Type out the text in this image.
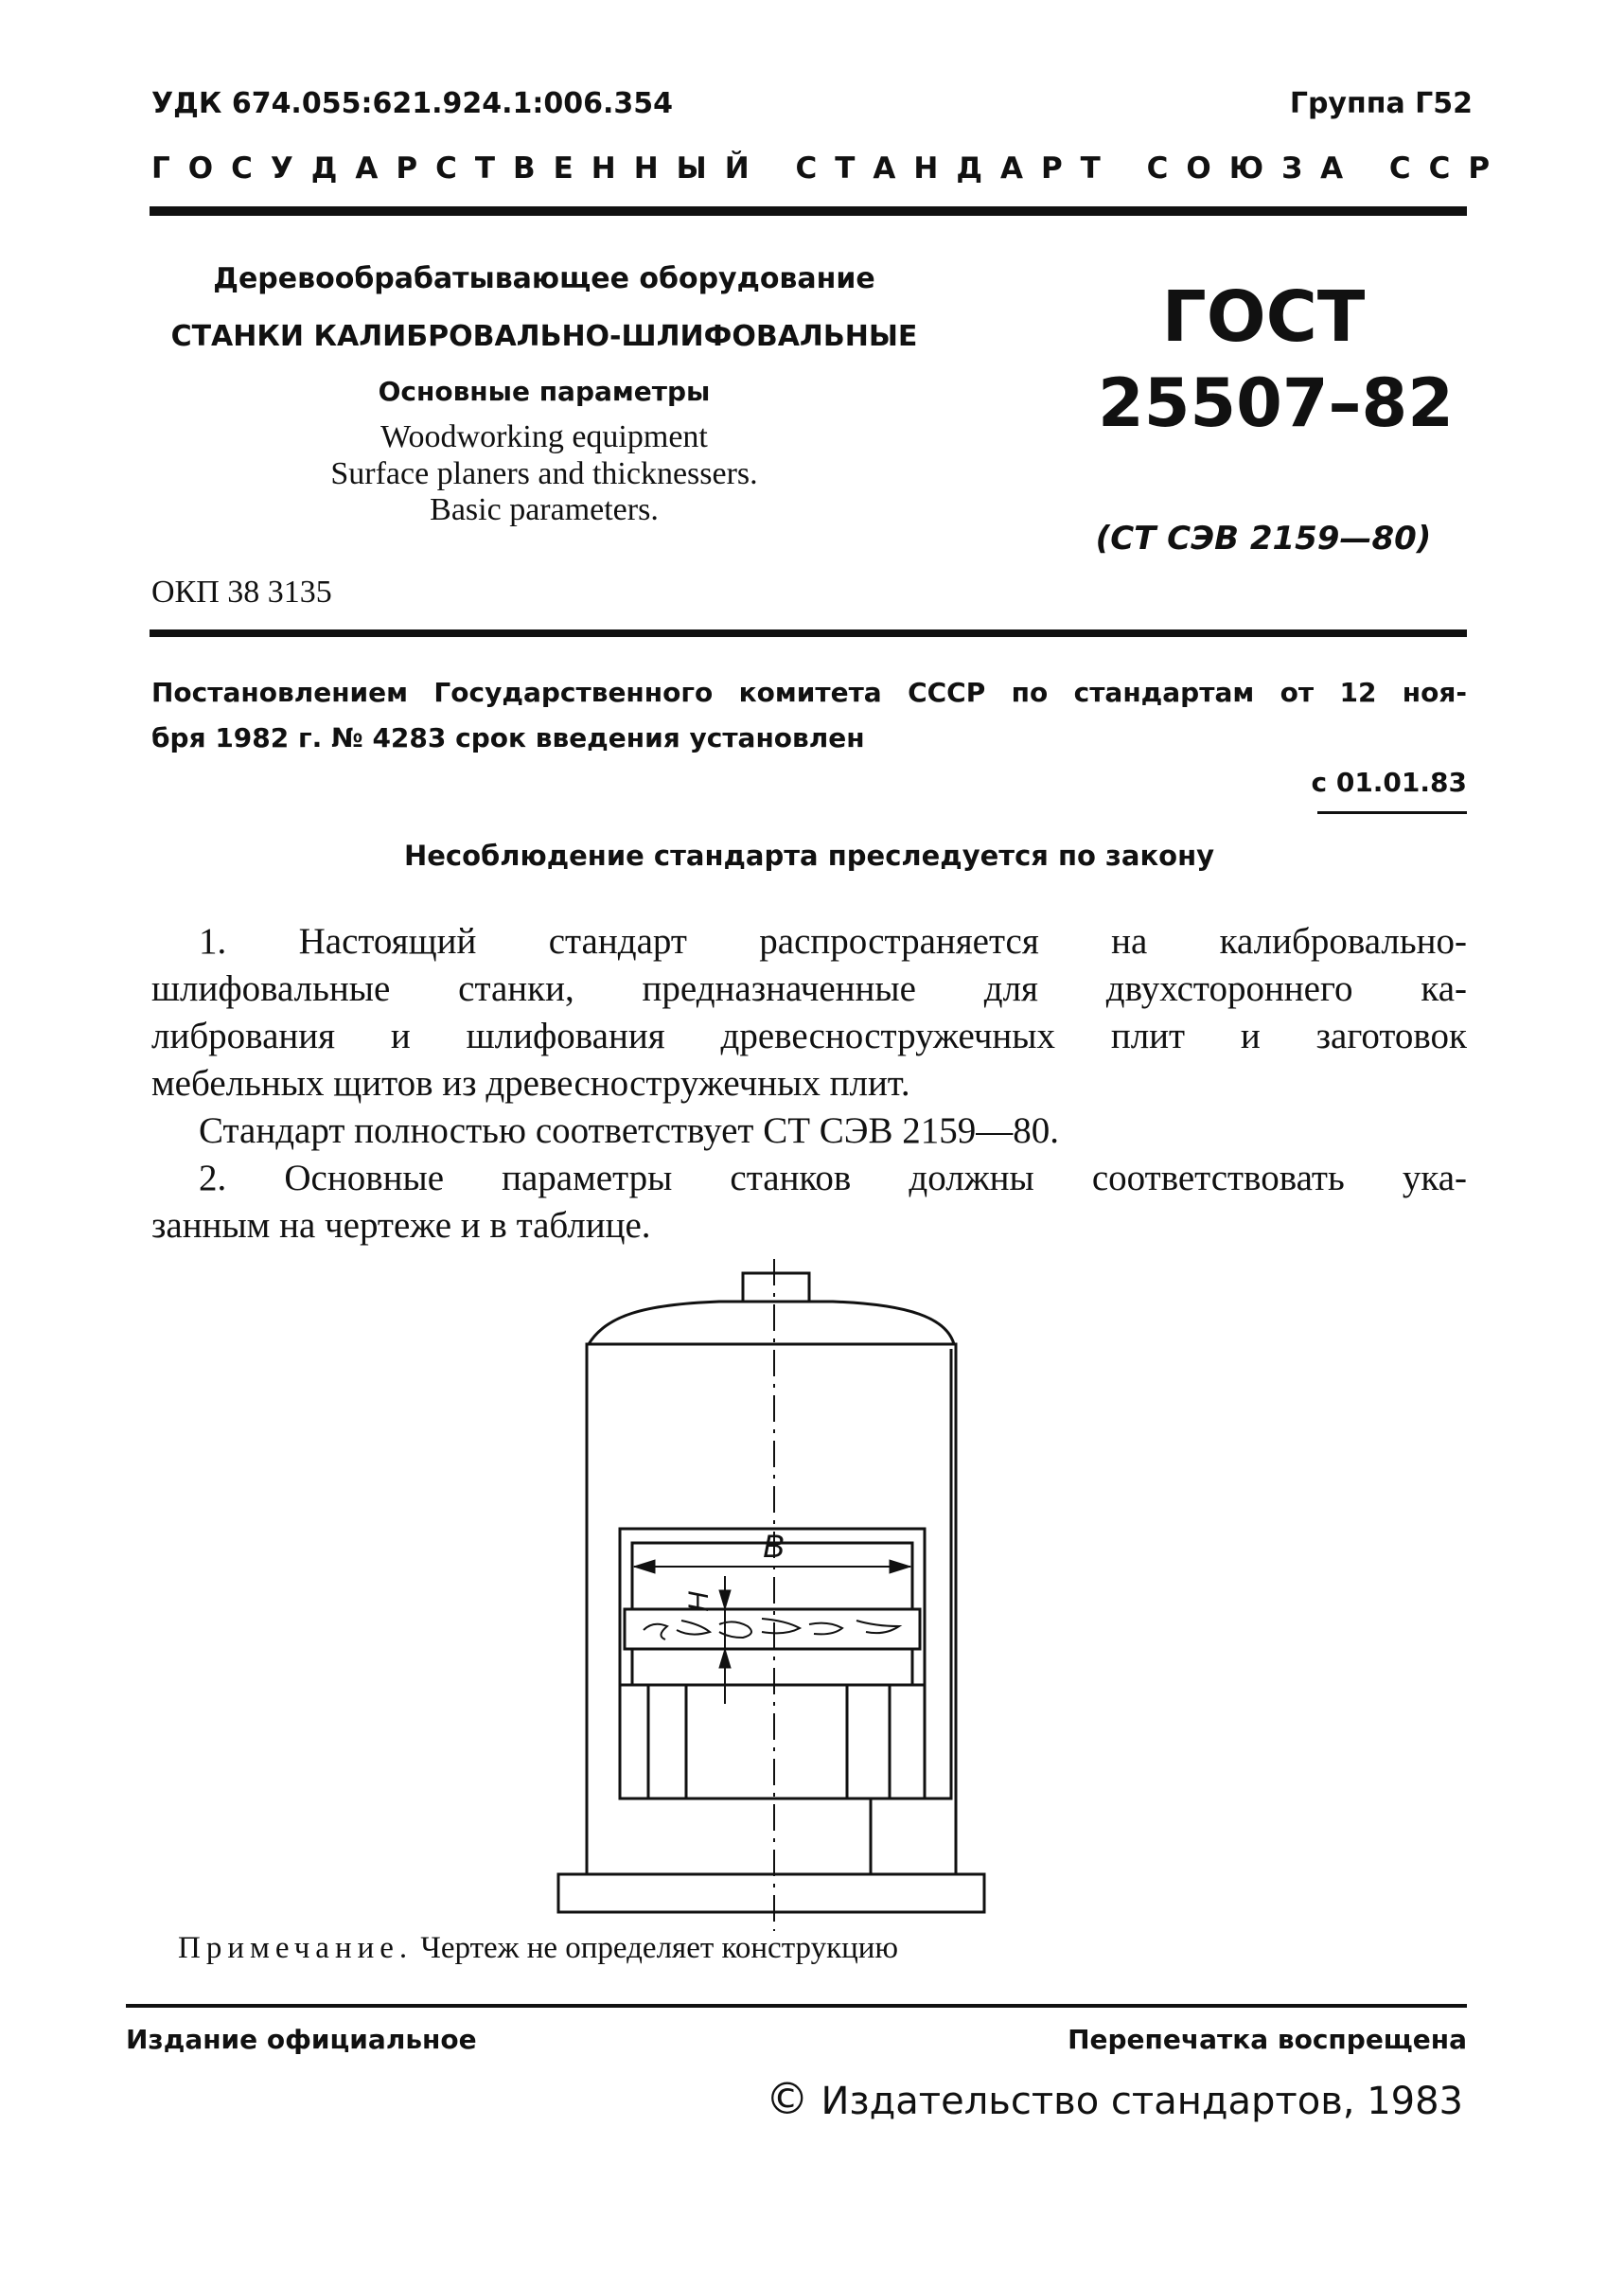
УДК 674.055:621.924.1:006.354	Группа Г52
ГОСУДАРСТВЕННЫЙ СТАНДАРТ СОЮЗА ССР
Деревообрабатывающее оборудование
СТАНКИ КАЛИБРОВАЛЬНО-ШЛИФОВАЛЬНЫЕ
Основные параметры
Woodworking equipment
Surface planers and thicknessers.
Basic parameters.
ГОСТ
25507–82
(СТ СЭВ 2159—80)
ОКП 38 3135
Постановлением Государственного комитета СССР по стандартам от 12 ноя-
бря 1982 г. № 4283 срок введения установлен
с 01.01.83
Несоблюдение стандарта преследуется по закону
1. Настоящий стандарт распространяется на калибровально-
шлифовальные станки, предназначенные для двухстороннего ка-
либрования и шлифования древесностружечных плит и заготовок
мебельных щитов из древесностружечных плит.
Стандарт полностью соответствует СТ СЭВ 2159—80.
2. Основные параметры станков должны соответствовать ука-
занным на чертеже и в таблице.
B
H
Примечание. Чертеж не определяет конструкцию
Издание официальное	Перепечатка воспрещена
© Издательство стандартов, 1983
